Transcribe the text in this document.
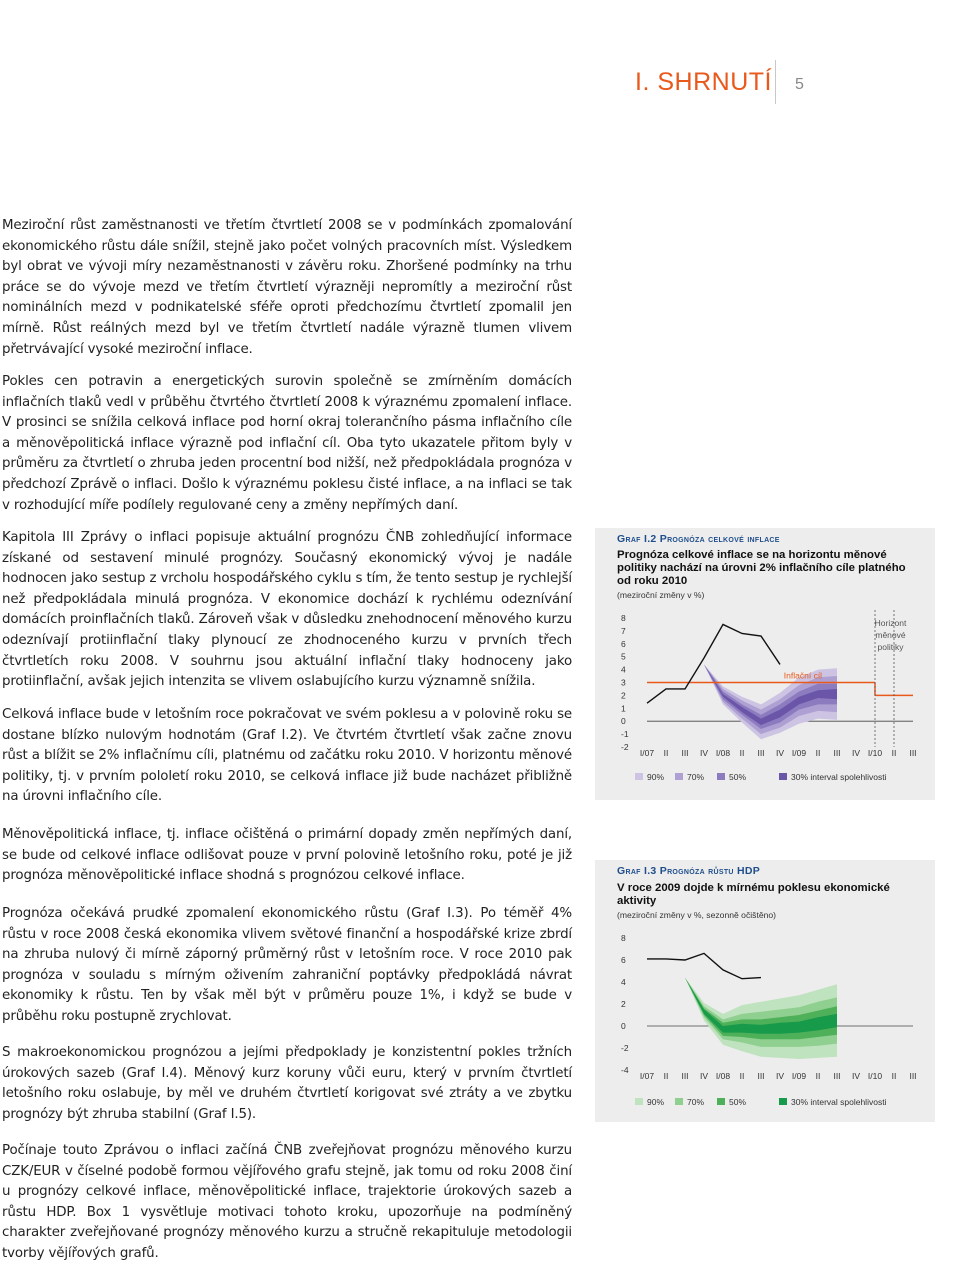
I. SHRNUTÍ 5

Meziroční růst zaměstnanosti ve třetím čtvrtletí 2008 se v podmínkách zpomalování ekonomického růstu dále snížil, stejně jako počet volných pracovních míst. Výsledkem byl obrat ve vývoji míry nezaměstnanosti v závěru roku. Zhoršené podmínky na trhu práce se do vývoje mezd ve třetím čtvrtletí výrazněji nepromítly a meziroční růst nominálních mezd v podnikatelské sféře oproti předchozímu čtvrtletí zpomalil jen mírně. Růst reálných mezd byl ve třetím čtvrtletí nadále výrazně tlumen vlivem přetrvávající vysoké meziroční inflace.

Pokles cen potravin a energetických surovin společně se zmírněním domácích inflačních tlaků vedl v průběhu čtvrtého čtvrtletí 2008 k výraznému zpomalení inflace. V prosinci se snížila celková inflace pod horní okraj tolerančního pásma inflačního cíle a měnověpolitická inflace výrazně pod inflační cíl. Oba tyto ukazatele přitom byly v průměru za čtvrtletí o zhruba jeden procentní bod nižší, než předpokládala prognóza v předchozí Zprávě o inflaci. Došlo k výraznému poklesu čisté inflace, a na inflaci se tak v rozhodující míře podílely regulované ceny a změny nepřímých daní.

Kapitola III Zprávy o inflaci popisuje aktuální prognózu ČNB zohledňující informace získané od sestavení minulé prognózy. Současný ekonomický vývoj je nadále hodnocen jako sestup z vrcholu hospodářského cyklu s tím, že tento sestup je rychlejší než předpokládala minulá prognóza. V ekonomice dochází k rychlému odeznívání domácích proinflačních tlaků. Zároveň však v důsledku znehodnocení měnového kurzu odeznívají protiinflační tlaky plynoucí ze zhodnoceného kurzu v prvních třech čtvrtletích roku 2008. V souhrnu jsou aktuální inflační tlaky hodnoceny jako protiinflační, avšak jejich intenzita se vlivem oslabujícího kurzu významně snížila.

Celková inflace bude v letošním roce pokračovat ve svém poklesu a v polovině roku se dostane blízko nulovým hodnotám (Graf I.2). Ve čtvrtém čtvrtletí však začne znovu růst a blížit se 2% inflačnímu cíli, platnému od začátku roku 2010. V horizontu měnové politiky, tj. v prvním pololetí roku 2010, se celková inflace již bude nacházet přibližně na úrovni inflačního cíle.

Měnověpolitická inflace, tj. inflace očištěná o primární dopady změn nepřímých daní, se bude od celkové inflace odlišovat pouze v první polovině letošního roku, poté je již prognóza měnověpolitické inflace shodná s prognózou celkové inflace.

Prognóza očekává prudké zpomalení ekonomického růstu (Graf I.3). Po téměř 4% růstu v roce 2008 česká ekonomika vlivem světové finanční a hospodářské krize zbrdí na zhruba nulový či mírně záporný průměrný růst v letošním roce. V roce 2010 pak prognóza v souladu s mírným oživením zahraniční poptávky předpokládá návrat ekonomiky k růstu. Ten by však měl být v průměru pouze 1%, i když se bude v průběhu roku postupně zrychlovat.

S makroekonomickou prognózou a jejími předpoklady je konzistentní pokles tržních úrokových sazeb (Graf I.4). Měnový kurz koruny vůči euru, který v prvním čtvrtletí letošního roku oslabuje, by měl ve druhém čtvrtletí korigovat své ztráty a ve zbytku prognózy být zhruba stabilní (Graf I.5).

Počínaje touto Zprávou o inflaci začíná ČNB zveřejňovat prognózu měnového kurzu CZK/EUR v číselné podobě formou vějířového grafu stejně, jak tomu od roku 2008 činí u prognózy celkové inflace, měnověpolitické inflace, trajektorie úrokových sazeb a růstu HDP. Box 1 vysvětluje motivaci tohoto kroku, upozorňuje na podmíněný charakter zveřejňované prognózy měnového kurzu a stručně rekapituluje metodologii tvorby vějířových grafů.

Graf I.2 Prognóza celkové inflace
Prognóza celkové inflace se na horizontu měnové politiky nachází na úrovni 2% inflačního cíle platného od roku 2010
(meziroční změny v %)
8
7
6
5
4
3
2
1
0
-1
-2
I/07 II III IV I/08 II III IV I/09 II III IV I/10 II III
90%	70%	50%	30% interval spolehlivosti
Horizont
měnové
politiky
Inflační cíl
Graf I.3 Prognóza růstu HDP
V roce 2009 dojde k mírnému poklesu ekonomické aktivity
(meziroční změny v %, sezonně očištěno)
8
6
4
2
0
-2
-4
I/07 II III IV I/08 II III IV I/09 II III IV I/10 II III
90%	70%	50%	30% interval spolehlivosti
